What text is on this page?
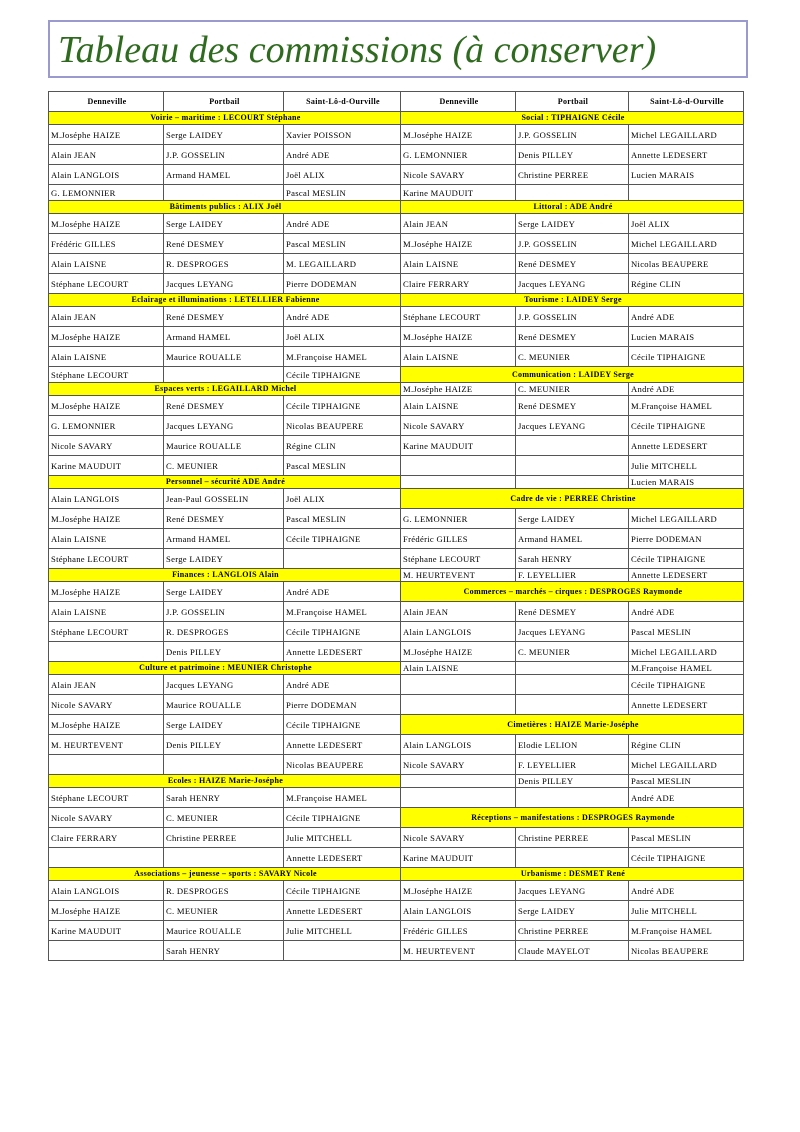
Tableau des commissions (à conserver)
Denneville	Portbail	Saint-Lô-d-Ourville	Denneville	Portbail	Saint-Lô-d-Ourville
Voirie – maritime : LECOURT Stéphane			Social : TIPHAIGNE Cécile		
M.Joséphe HAIZE	Serge LAIDEY	Xavier POISSON	M.Joséphe HAIZE	J.P. GOSSELIN	Michel LEGAILLARD
Alain JEAN	J.P. GOSSELIN	André ADE	G. LEMONNIER	Denis PILLEY	Annette LEDESERT
Alain LANGLOIS	Armand HAMEL	Joël ALIX	Nicole SAVARY	Christine PERREE	Lucien MARAIS
G. LEMONNIER		Pascal MESLIN	Karine MAUDUIT		
Bâtiments publics : ALIX Joël			Littoral : ADE André		
M.Joséphe HAIZE	Serge LAIDEY	André ADE	Alain JEAN	Serge LAIDEY	Joël ALIX
Frédéric GILLES	René DESMEY	Pascal MESLIN	M.Joséphe HAIZE	J.P. GOSSELIN	Michel LEGAILLARD
Alain LAISNE	R. DESPROGES	M. LEGAILLARD	Alain LAISNE	René DESMEY	Nicolas BEAUPERE
Stéphane LECOURT	Jacques LEYANG	Pierre DODEMAN	Claire FERRARY	Jacques LEYANG	Régine CLIN
Eclairage et illuminations : LETELLIER Fabienne			Tourisme : LAIDEY Serge		
Alain JEAN	René DESMEY	André ADE	Stéphane LECOURT	J.P. GOSSELIN	André ADE
M.Joséphe HAIZE	Armand HAMEL	Joël ALIX	M.Joséphe HAIZE	René DESMEY	Lucien MARAIS
Alain LAISNE	Maurice ROUALLE	M.Françoise HAMEL	Alain LAISNE	C. MEUNIER	Cécile TIPHAIGNE
Stéphane LECOURT		Cécile TIPHAIGNE	Communication : LAIDEY Serge		
Espaces verts : LEGAILLARD Michel			M.Joséphe HAIZE	C. MEUNIER	André ADE
M.Joséphe HAIZE	René DESMEY	Cécile TIPHAIGNE	Alain LAISNE	René DESMEY	M.Françoise HAMEL
G. LEMONNIER	Jacques LEYANG	Nicolas BEAUPERE	Nicole SAVARY	Jacques LEYANG	Cécile TIPHAIGNE
Nicole SAVARY	Maurice ROUALLE	Régine CLIN	Karine MAUDUIT		Annette LEDESERT
Karine MAUDUIT	C. MEUNIER	Pascal MESLIN			Julie MITCHELL
Personnel – sécurité ADE André					Lucien MARAIS
Alain LANGLOIS	Jean-Paul GOSSELIN	Joël ALIX	Cadre de vie : PERREE Christine		
M.Joséphe HAIZE	René DESMEY	Pascal MESLIN	G. LEMONNIER	Serge LAIDEY	Michel LEGAILLARD
Alain LAISNE	Armand HAMEL	Cécile TIPHAIGNE	Frédéric GILLES	Armand HAMEL	Pierre DODEMAN
Stéphane LECOURT	Serge LAIDEY		Stéphane LECOURT	Sarah HENRY	Cécile TIPHAIGNE
Finances : LANGLOIS Alain			M. HEURTEVENT	F. LEYELLIER	Annette LEDESERT
M.Joséphe HAIZE	Serge LAIDEY	André ADE	Commerces – marchés – cirques : DESPROGES Raymonde		
Alain LAISNE	J.P. GOSSELIN	M.Françoise HAMEL	Alain JEAN	René DESMEY	André ADE
Stéphane LECOURT	R. DESPROGES	Cécile TIPHAIGNE	Alain LANGLOIS	Jacques LEYANG	Pascal MESLIN
	Denis PILLEY	Annette LEDESERT	M.Joséphe HAIZE	C. MEUNIER	Michel LEGAILLARD
Culture et patrimoine : MEUNIER Christophe			Alain LAISNE		M.Françoise HAMEL
Alain JEAN	Jacques LEYANG	André ADE			Cécile TIPHAIGNE
Nicole SAVARY	Maurice ROUALLE	Pierre DODEMAN			Annette LEDESERT
M.Joséphe HAIZE	Serge LAIDEY	Cécile TIPHAIGNE	Cimetières : HAIZE Marie-Joséphe		
M. HEURTEVENT	Denis PILLEY	Annette LEDESERT	Alain LANGLOIS	Elodie LELION	Régine CLIN
		Nicolas BEAUPERE	Nicole SAVARY	F. LEYELLIER	Michel LEGAILLARD
Ecoles : HAIZE Marie-Joséphe				Denis PILLEY	Pascal MESLIN
Stéphane LECOURT	Sarah HENRY	M.Françoise HAMEL			André ADE
Nicole SAVARY	C. MEUNIER	Cécile TIPHAIGNE	Réceptions – manifestations : DESPROGES Raymonde		
Claire FERRARY	Christine PERREE	Julie MITCHELL	Nicole SAVARY	Christine PERREE	Pascal MESLIN
		Annette LEDESERT	Karine MAUDUIT		Cécile TIPHAIGNE
Associations – jeunesse – sports : SAVARY Nicole			Urbanisme : DESMET René		
Alain LANGLOIS	R. DESPROGES	Cécile TIPHAIGNE	M.Joséphe HAIZE	Jacques LEYANG	André ADE
M.Joséphe HAIZE	C. MEUNIER	Annette LEDESERT	Alain LANGLOIS	Serge LAIDEY	Julie MITCHELL
Karine MAUDUIT	Maurice ROUALLE	Julie MITCHELL	Frédéric GILLES	Christine PERREE	M.Françoise HAMEL
	Sarah HENRY		M. HEURTEVENT	Claude MAYELOT	Nicolas BEAUPERE
